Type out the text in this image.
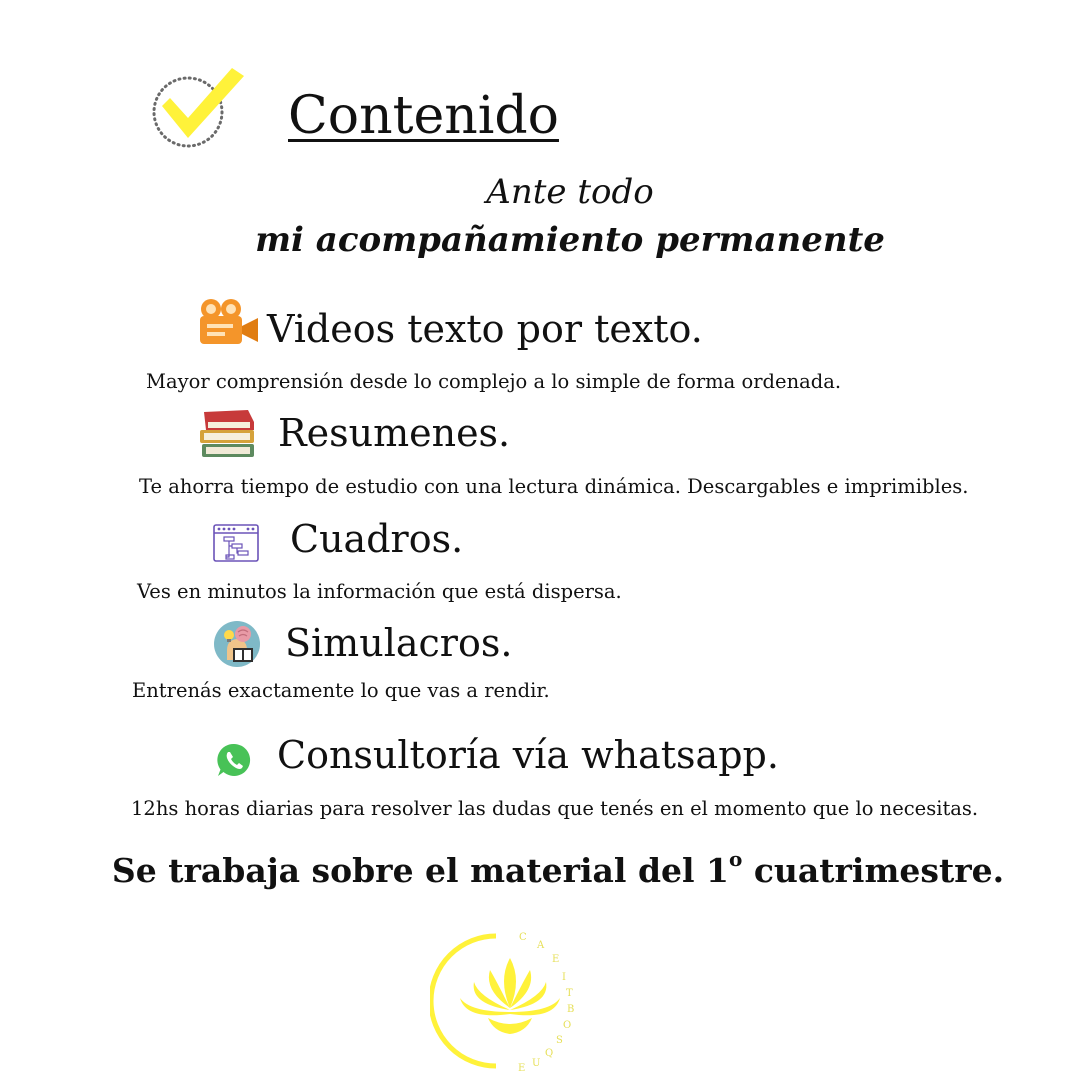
Contenido
Ante todo
mi acompañamiento permanente
Videos texto por texto.
Mayor comprensión desde lo complejo a lo simple de forma ordenada.
Resumenes.
Te ahorra tiempo de estudio con una lectura dinámica. Descargables e imprimibles.
Cuadros.
Ves en minutos la información que está dispersa.
Simulacros.
Entrenás exactamente lo que vas a rendir.
Consultoría vía whatsapp.
12hs horas diarias para resolver las dudas que tenés en el momento que lo necesitas.
Se trabaja sobre el material del 1$^o$ cuatrimestre.
C
A
E
I
T
B
O
S
Q
U
E
